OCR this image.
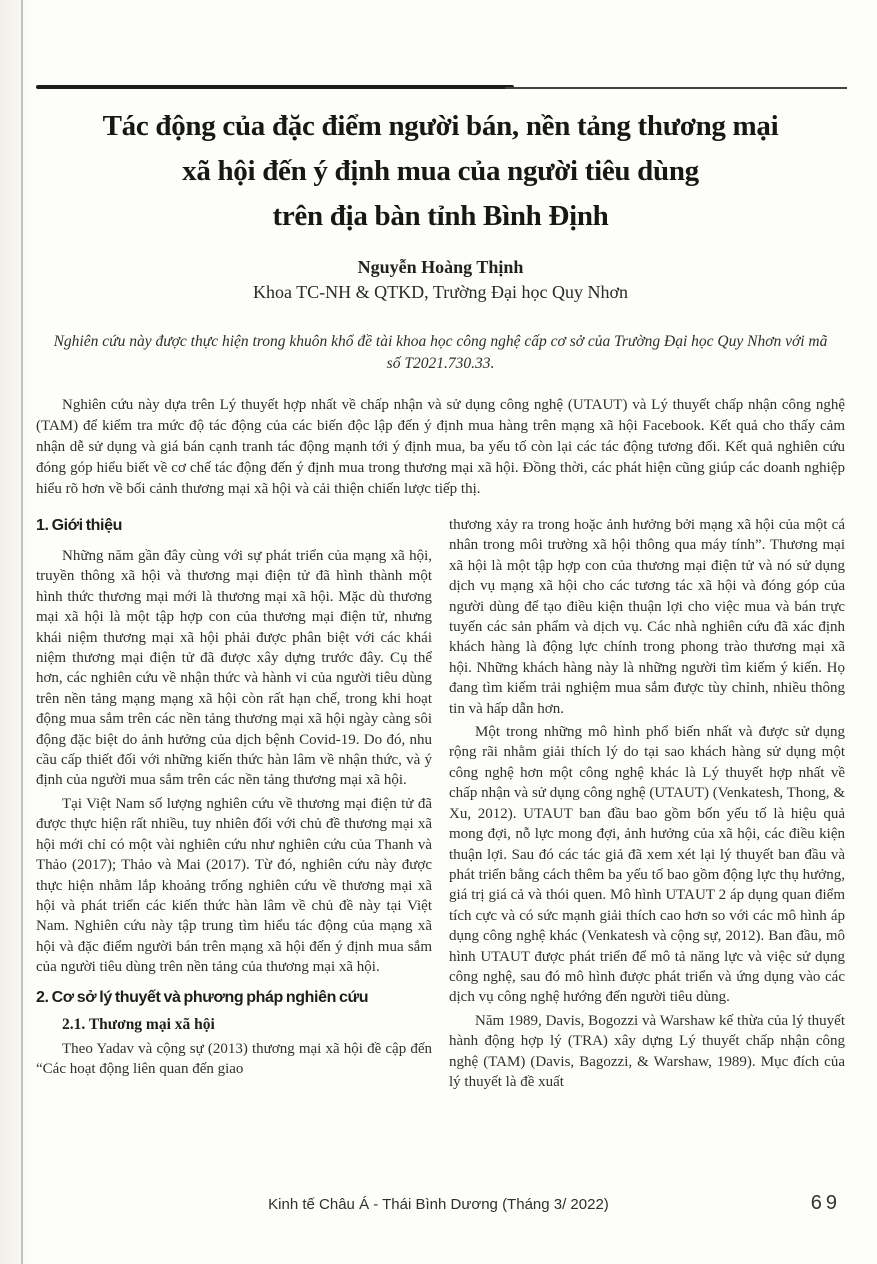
Tác động của đặc điểm người bán, nền tảng thương mại
xã hội đến ý định mua của người tiêu dùng
trên địa bàn tỉnh Bình Định
Nguyễn Hoàng Thịnh
Khoa TC-NH & QTKD, Trường Đại học Quy Nhơn
Nghiên cứu này được thực hiện trong khuôn khổ đề tài khoa học công nghệ cấp cơ sở của Trường Đại học Quy Nhơn với mã số T2021.730.33.
Nghiên cứu này dựa trên Lý thuyết hợp nhất về chấp nhận và sử dụng công nghệ (UTAUT) và Lý thuyết chấp nhận công nghệ (TAM) để kiểm tra mức độ tác động của các biến độc lập đến ý định mua hàng trên mạng xã hội Facebook. Kết quả cho thấy cảm nhận dễ sử dụng và giá bán cạnh tranh tác động mạnh tới ý định mua, ba yếu tố còn lại các tác động tương đối. Kết quả nghiên cứu đóng góp hiểu biết về cơ chế tác động đến ý định mua trong thương mại xã hội. Đồng thời, các phát hiện cũng giúp các doanh nghiệp hiểu rõ hơn về bối cảnh thương mại xã hội và cải thiện chiến lược tiếp thị.
1. Giới thiệu

Những năm gần đây cùng với sự phát triển của mạng xã hội, truyền thông xã hội và thương mại điện tử đã hình thành một hình thức thương mại mới là thương mại xã hội. Mặc dù thương mại xã hội là một tập hợp con của thương mại điện tử, nhưng khái niệm thương mại xã hội phải được phân biệt với các khái niệm thương mại điện tử đã được xây dựng trước đây. Cụ thể hơn, các nghiên cứu về nhận thức và hành vi của người tiêu dùng trên nền tảng mạng mạng xã hội còn rất hạn chế, trong khi hoạt động mua sắm trên các nền tảng thương mại xã hội ngày càng sôi động đặc biệt do ảnh hưởng của dịch bệnh Covid-19. Do đó, nhu cầu cấp thiết đối với những kiến thức hàn lâm về nhận thức, và ý định của người mua sắm trên các nền tảng thương mại xã hội.

Tại Việt Nam số lượng nghiên cứu về thương mại điện tử đã được thực hiện rất nhiều, tuy nhiên đối với chủ đề thương mại xã hội mới chỉ có một vài nghiên cứu như nghiên cứu của Thanh và Thảo (2017); Thảo và Mai (2017). Từ đó, nghiên cứu này được thực hiện nhằm lắp khoảng trống nghiên cứu về thương mại xã hội và phát triển các kiến thức hàn lâm về chủ đề này tại Việt Nam. Nghiên cứu này tập trung tìm hiểu tác động của mạng xã hội và đặc điểm người bán trên mạng xã hội đến ý định mua sắm của người tiêu dùng trên nền tảng của thương mại xã hội.

2. Cơ sở lý thuyết và phương pháp nghiên cứu
2.1. Thương mại xã hội

Theo Yadav và cộng sự (2013) thương mại xã hội đề cập đến “Các hoạt động liên quan đến giao

thương xảy ra trong hoặc ảnh hưởng bởi mạng xã hội của một cá nhân trong môi trường xã hội thông qua máy tính”. Thương mại xã hội là một tập hợp con của thương mại điện tử và nó sử dụng dịch vụ mạng xã hội cho các tương tác xã hội và đóng góp của người dùng để tạo điều kiện thuận lợi cho việc mua và bán trực tuyến các sản phẩm và dịch vụ. Các nhà nghiên cứu đã xác định khách hàng là động lực chính trong phong trào thương mại xã hội. Những khách hàng này là những người tìm kiếm ý kiến. Họ đang tìm kiếm trải nghiệm mua sắm được tùy chỉnh, nhiều thông tin và hấp dẫn hơn.

Một trong những mô hình phổ biến nhất và được sử dụng rộng rãi nhằm giải thích lý do tại sao khách hàng sử dụng một công nghệ hơn một công nghệ khác là Lý thuyết hợp nhất về chấp nhận và sử dụng công nghệ (UTAUT) (Venkatesh, Thong, & Xu, 2012). UTAUT ban đầu bao gồm bốn yếu tố là hiệu quả mong đợi, nỗ lực mong đợi, ảnh hưởng của xã hội, các điều kiện thuận lợi. Sau đó các tác giả đã xem xét lại lý thuyết ban đầu và phát triển bằng cách thêm ba yếu tố bao gồm động lực thụ hưởng, giá trị giá cả và thói quen. Mô hình UTAUT 2 áp dụng quan điểm tích cực và có sức mạnh giải thích cao hơn so với các mô hình áp dụng công nghệ khác (Venkatesh và cộng sự, 2012). Ban đầu, mô hình UTAUT được phát triển để mô tả năng lực và việc sử dụng công nghệ, sau đó mô hình được phát triển và ứng dụng vào các dịch vụ công nghệ hướng đến người tiêu dùng.

Năm 1989, Davis, Bogozzi và Warshaw kế thừa của lý thuyết hành động hợp lý (TRA) xây dựng Lý thuyết chấp nhận công nghệ (TAM) (Davis, Bagozzi, & Warshaw, 1989). Mục đích của lý thuyết là đề xuất

Kinh tế Châu Á - Thái Bình Dương (Tháng 3/ 2022)	69
